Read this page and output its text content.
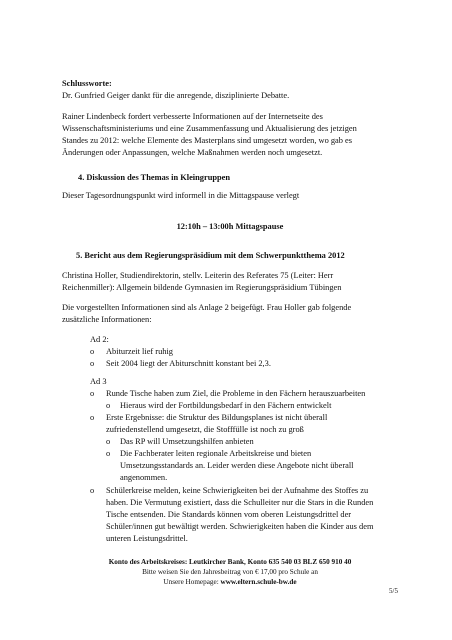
Schlussworte:
Dr. Gunfried Geiger dankt für die anregende, disziplinierte Debatte.
Rainer Lindenbeck fordert verbesserte Informationen auf der Internetseite des
Wissenschaftsministeriums und eine Zusammenfassung und Aktualisierung des jetzigen
Standes zu 2012: welche Elemente des Masterplans sind umgesetzt worden, wo gab es
Änderungen oder Anpassungen, welche Maßnahmen werden noch umgesetzt.
4. Diskussion des Themas in Kleingruppen
Dieser Tagesordnungspunkt wird informell in die Mittagspause verlegt
12:10h – 13:00h Mittagspause
5. Bericht aus dem Regierungspräsidium mit dem Schwerpunktthema 2012
Christina Holler, Studiendirektorin, stellv. Leiterin des Referates 75 (Leiter: Herr
Reichenmiller): Allgemein bildende Gymnasien im Regierungspräsidium Tübingen
Die vorgestellten Informationen sind als Anlage 2 beigefügt. Frau Holler gab folgende
zusätzliche Informationen:
Ad 2:
o Abiturzeit lief ruhig
o Seit 2004 liegt der Abiturschnitt konstant bei 2,3.
Ad 3
o Runde Tische haben zum Ziel, die Probleme in den Fächern herauszuarbeiten
o Hieraus wird der Fortbildungsbedarf in den Fächern entwickelt
o Erste Ergebnisse: die Struktur des Bildungsplanes ist nicht überall
zufriedenstellend umgesetzt, die Stofffülle ist noch zu groß
o Das RP will Umsetzungshilfen anbieten
o Die Fachberater leiten regionale Arbeitskreise und bieten
Umsetzungsstandards an. Leider werden diese Angebote nicht überall
angenommen.
o Schülerkreise melden, keine Schwierigkeiten bei der Aufnahme des Stoffes zu
haben. Die Vermutung existiert, dass die Schulleiter nur die Stars in die Runden
Tische entsenden. Die Standards können vom oberen Leistungsdrittel der
Schüler/innen gut bewältigt werden. Schwierigkeiten haben die Kinder aus dem
unteren Leistungsdrittel.
Konto des Arbeitskreises: Leutkircher Bank, Konto 635 540 03 BLZ 650 910 40
Bitte weisen Sie den Jahresbeitrag von € 17,00 pro Schule an
Unsere Homepage: www.eltern.schule-bw.de
5/5
